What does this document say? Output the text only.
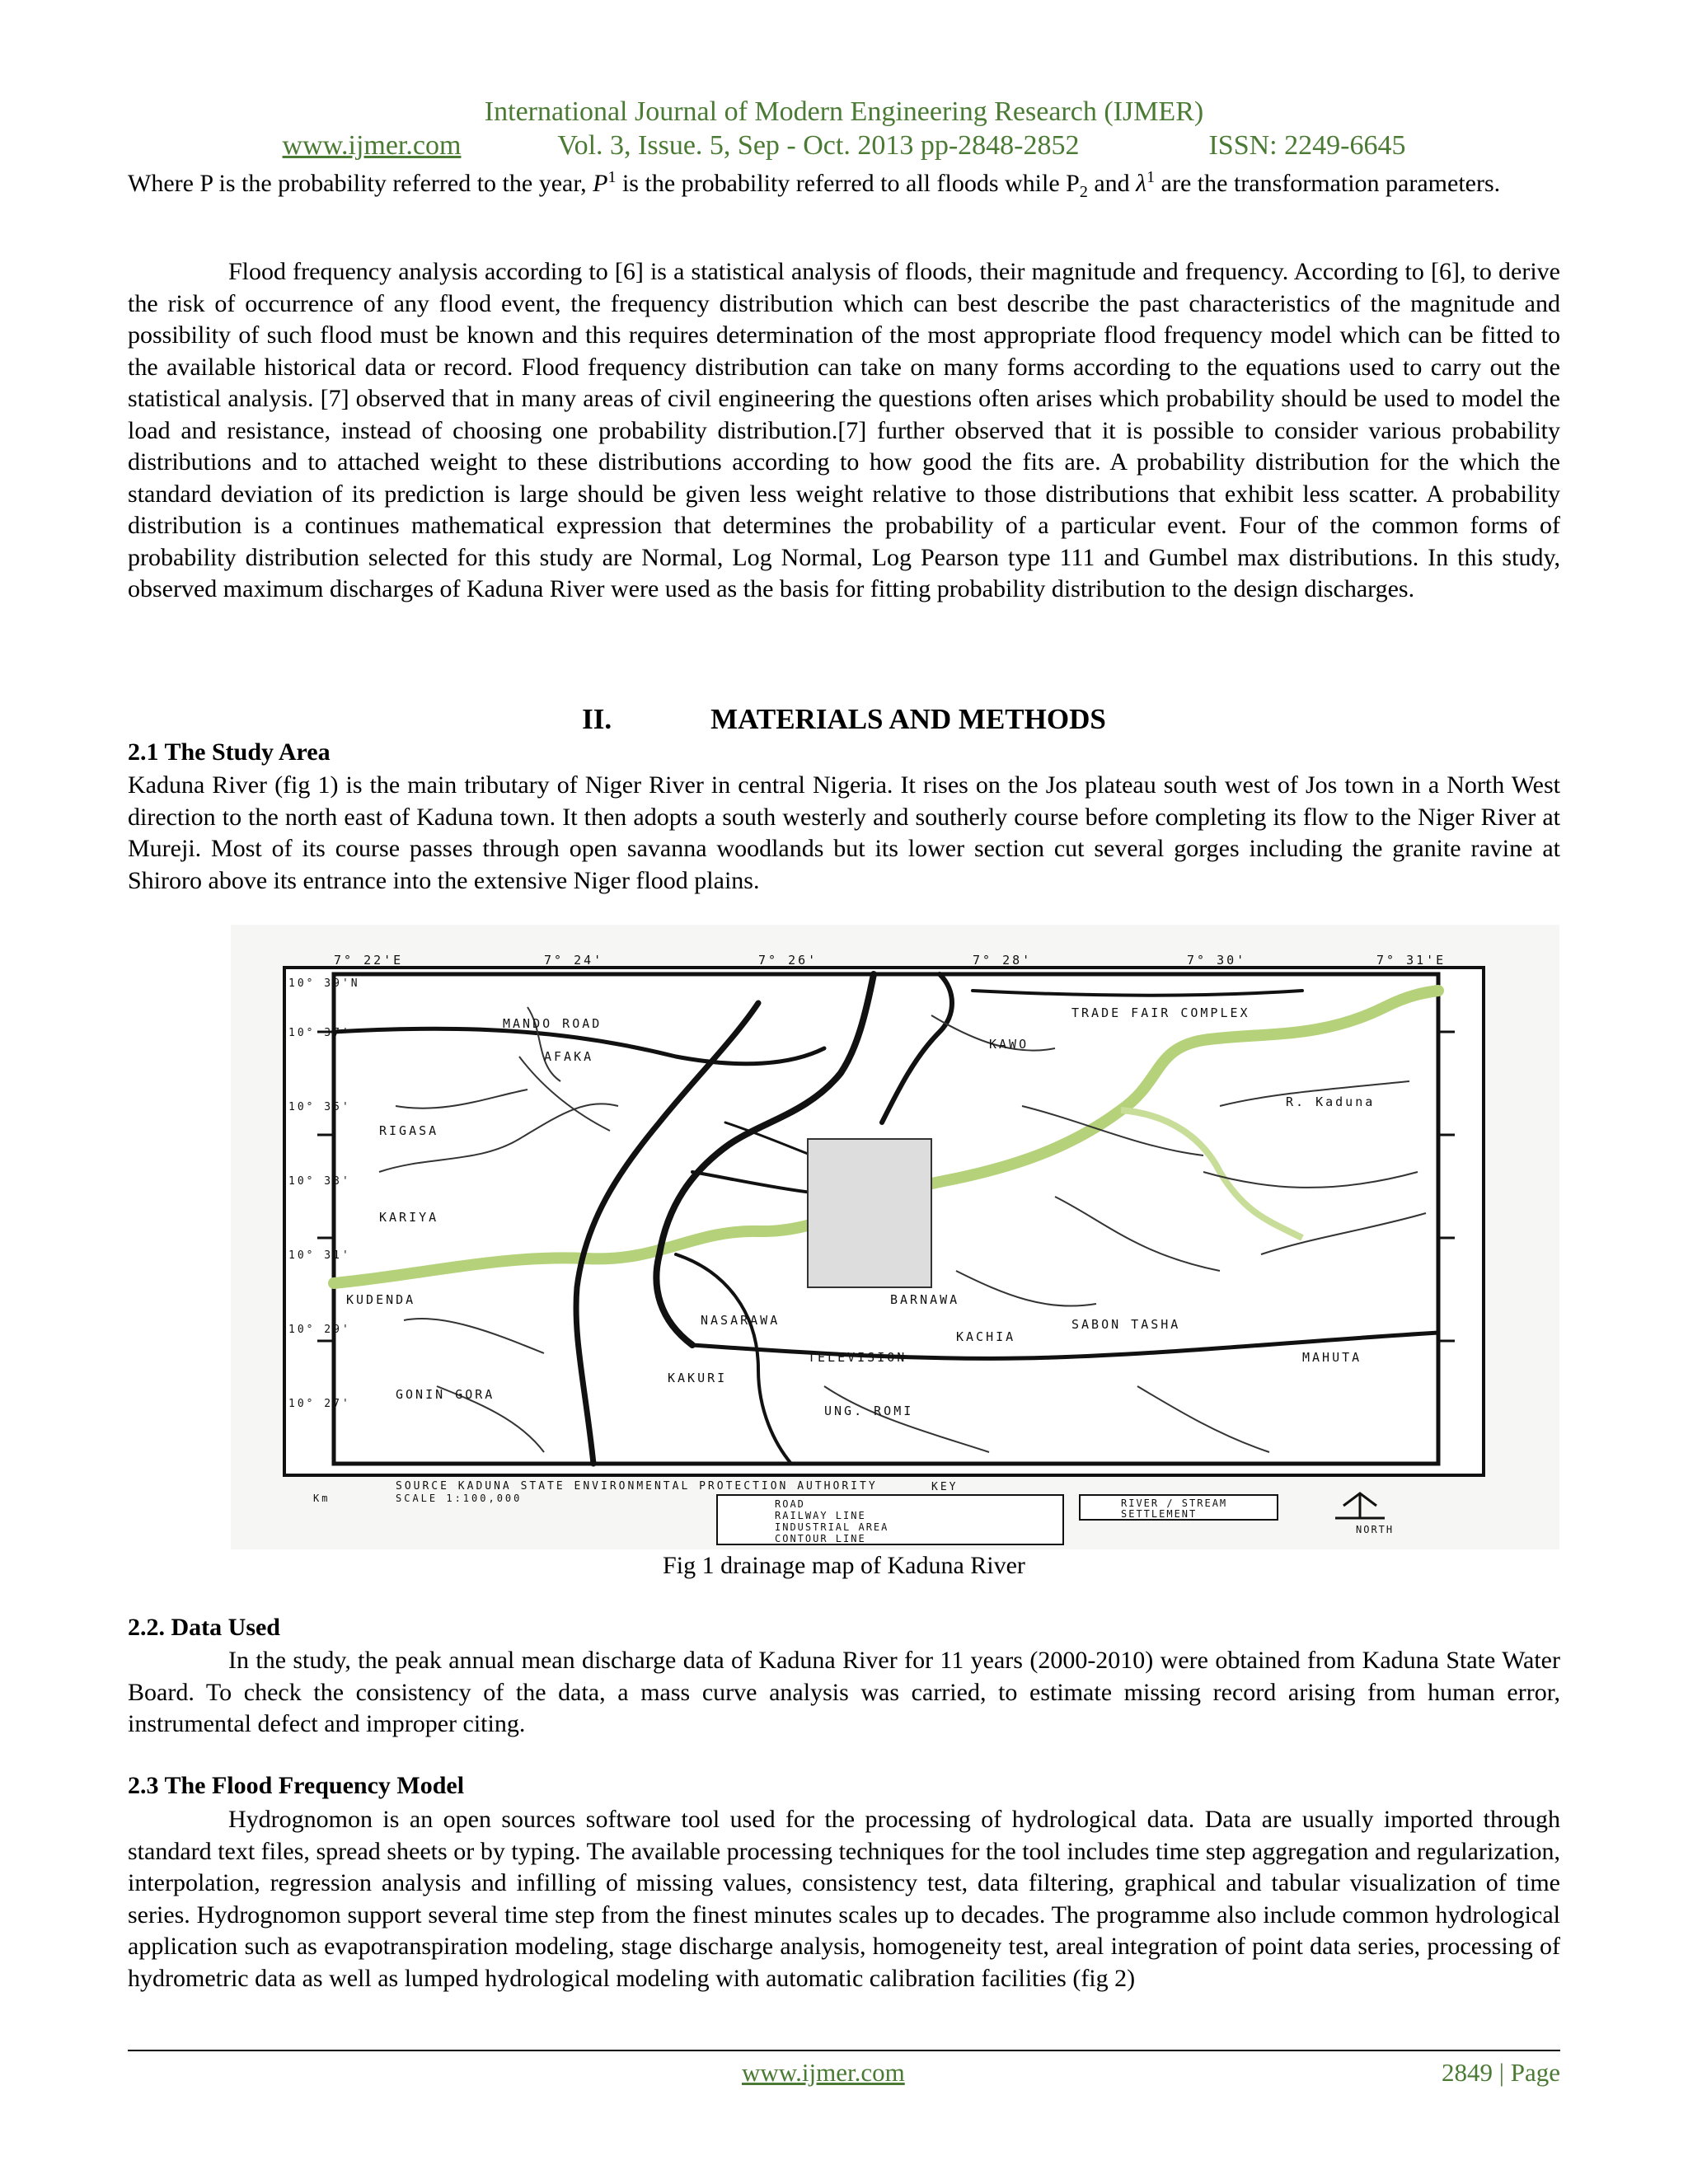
International Journal of Modern Engineering Research (IJMER)
www.ijmer.com	Vol. 3, Issue. 5, Sep - Oct. 2013 pp-2848-2852	ISSN: 2249-6645

Where P is the probability referred to the year, $P^1$ is the probability referred to all floods while $P_2$ and $\lambda^1$ are the transformation parameters.

Flood frequency analysis according to [6] is a statistical analysis of floods, their magnitude and frequency. According to [6], to derive the risk of occurrence of any flood event, the frequency distribution which can best describe the past characteristics of the magnitude and possibility of such flood must be known and this requires determination of the most appropriate flood frequency model which can be fitted to the available historical data or record. Flood frequency distribution can take on many forms according to the equations used to carry out the statistical analysis. [7] observed that in many areas of civil engineering the questions often arises which probability should be used to model the load and resistance, instead of choosing one probability distribution.[7] further observed that it is possible to consider various probability distributions and to attached weight to these distributions according to how good the fits are. A probability distribution for the which the standard deviation of its prediction is large should be given less weight relative to those distributions that exhibit less scatter. A probability distribution is a continues mathematical expression that determines the probability of a particular event. Four of the common forms of probability distribution selected for this study are Normal, Log Normal, Log Pearson type 111 and Gumbel max distributions. In this study, observed maximum discharges of Kaduna River were used as the basis for fitting probability distribution to the design discharges.

II.	MATERIALS AND METHODS
2.1 The Study Area

Kaduna River (fig 1) is the main tributary of Niger River in central Nigeria. It rises on the Jos plateau south west of Jos town in a North West direction to the north east of Kaduna town. It then adopts a south westerly and southerly course before completing its flow to the Niger River at Mureji. Most of its course passes through open savanna woodlands but its lower section cut several gorges including the granite ravine at Shiroro above its entrance into the extensive Niger flood plains.

7° 22'E	7° 24'	7° 26'	7° 28'	7° 30'	7° 31'E
10° 39'N
10° 37'
10° 35'
10° 33'
10° 31'
10° 29'
10° 27'
MANDO ROAD
AFAKA
RIGASA
KARIYA
KUDENDA
GONIN GORA
TRADE FAIR COMPLEX
KAWO
NASARAWA
KAKURI
UNG. ROMI
TELEVISION
KACHIA
MAHUTA
BARNAWA
SABON TASHA
R. Kaduna
SOURCE KADUNA STATE ENVIRONMENTAL PROTECTION AUTHORITY	KEY
Km	SCALE 1:100,000	ROAD
RAILWAY LINE
INDUSTRIAL AREA
CONTOUR LINE
RIVER / STREAM
SETTLEMENT
NORTH
Fig 1 drainage map of Kaduna River
2.2. Data Used

In the study, the peak annual mean discharge data of Kaduna River for 11 years (2000-2010) were obtained from Kaduna State Water Board. To check the consistency of the data, a mass curve analysis was carried, to estimate missing record arising from human error, instrumental defect and improper citing.

2.3 The Flood Frequency Model

Hydrognomon is an open sources software tool used for the processing of hydrological data. Data are usually imported through standard text files, spread sheets or by typing. The available processing techniques for the tool includes time step aggregation and regularization, interpolation, regression analysis and infilling of missing values, consistency test, data filtering, graphical and tabular visualization of time series. Hydrognomon support several time step from the finest minutes scales up to decades. The programme also include common hydrological application such as evapotranspiration modeling, stage discharge analysis, homogeneity test, areal integration of point data series, processing of hydrometric data as well as lumped hydrological modeling with automatic calibration facilities (fig 2)

www.ijmer.com	2849 | Page
